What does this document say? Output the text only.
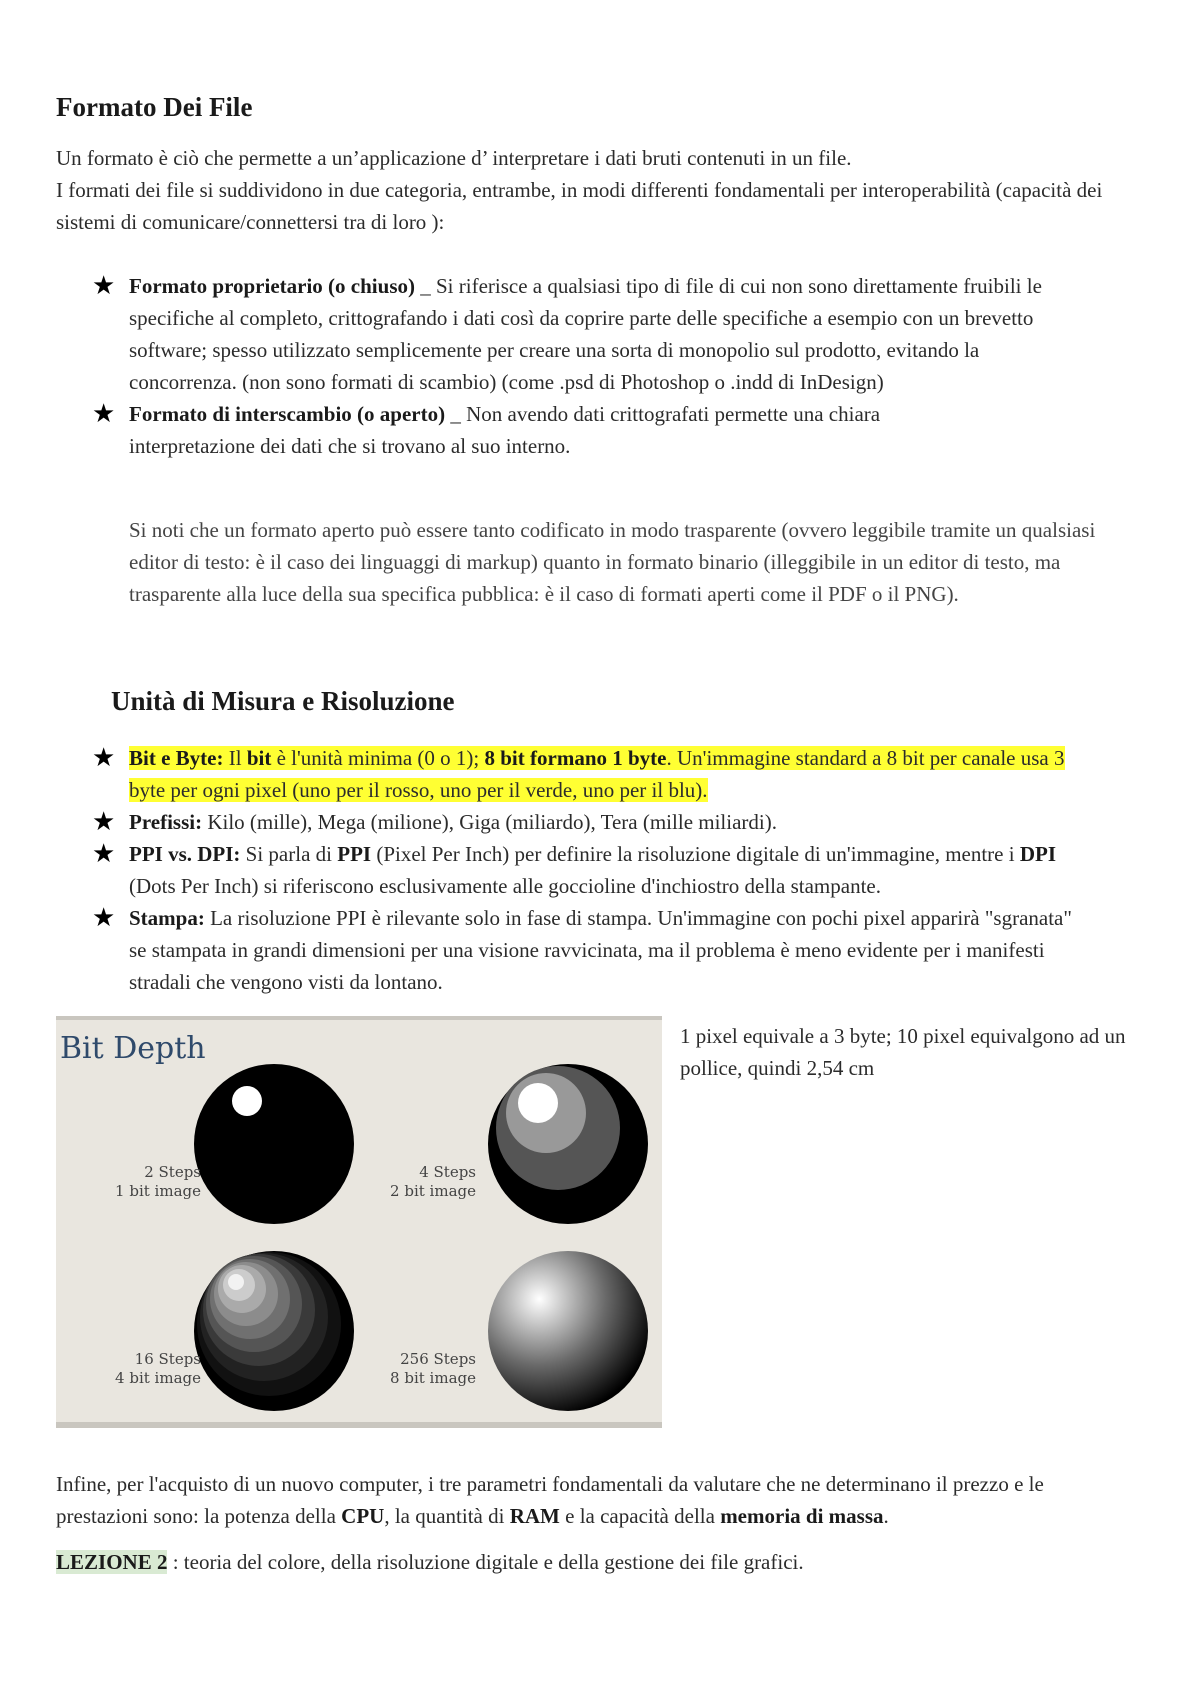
Formato Dei File

Un formato è ciò che permette a un’applicazione d’ interpretare i dati bruti contenuti in un file.

I formati dei file si suddividono in due categoria, entrambe, in modi differenti fondamentali per interoperabilità (capacità dei sistemi di comunicare/connettersi tra di loro ):

★ Formato proprietario (o chiuso) _ Si riferisce a qualsiasi tipo di file di cui non sono direttamente fruibili le specifiche al completo, crittografando i dati così da coprire parte delle specifiche a esempio con un brevetto software; spesso utilizzato semplicemente per creare una sorta di monopolio sul prodotto, evitando la concorrenza. (non sono formati di scambio) (come .psd di Photoshop o .indd di InDesign)
★ Formato di interscambio (o aperto) _ Non avendo dati crittografati permette una chiara interpretazione dei dati che si trovano al suo interno.

Si noti che un formato aperto può essere tanto codificato in modo trasparente (ovvero leggibile tramite un qualsiasi editor di testo: è il caso dei linguaggi di markup) quanto in formato binario (illeggibile in un editor di testo, ma trasparente alla luce della sua specifica pubblica: è il caso di formati aperti come il PDF o il PNG).

Unità di Misura e Risoluzione
★ Bit e Byte: Il bit è l'unità minima (0 o 1); 8 bit formano 1 byte. Un'immagine standard a 8 bit per canale usa 3 byte per ogni pixel (uno per il rosso, uno per il verde, uno per il blu).
★ Prefissi: Kilo (mille), Mega (milione), Giga (miliardo), Tera (mille miliardi).
★ PPI vs. DPI: Si parla di PPI (Pixel Per Inch) per definire la risoluzione digitale di un'immagine, mentre i DPI (Dots Per Inch) si riferiscono esclusivamente alle goccioline d'inchiostro della stampante.
★ Stampa: La risoluzione PPI è rilevante solo in fase di stampa. Un'immagine con pochi pixel apparirà "sgranata" se stampata in grandi dimensioni per una visione ravvicinata, ma il problema è meno evidente per i manifesti stradali che vengono visti da lontano.
Bit Depth
2 Steps
1 bit image
4 Steps
2 bit image
16 Steps
4 bit image
256 Steps
8 bit image

1 pixel equivale a 3 byte; 10 pixel equivalgono ad un pollice, quindi 2,54 cm

Infine, per l'acquisto di un nuovo computer, i tre parametri fondamentali da valutare che ne determinano il prezzo e le prestazioni sono: la potenza della CPU, la quantità di RAM e la capacità della memoria di massa.

LEZIONE 2 : teoria del colore, della risoluzione digitale e della gestione dei file grafici.
